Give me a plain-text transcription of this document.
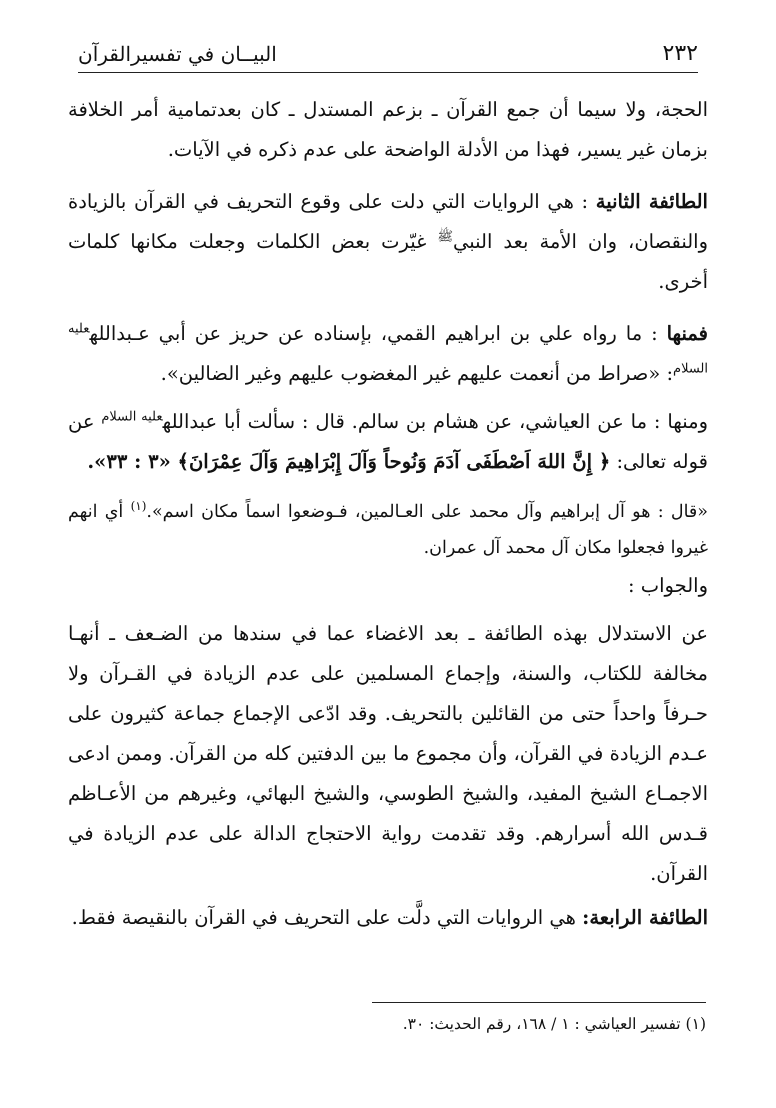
٢٣٢
البيــان في تفسيرالقرآن

الحجة، ولا سيما أن جمع القرآن ـ بزعم المستدل ـ كان بعدتمامية أمر الخلافة بزمان غير يسير، فهذا من الأدلة الواضحة على عدم ذكره في الآيات.

الطائفة الثانية : هي الروايات التي دلت على وقوع التحريف في القرآن بالزيادة والنقصان، وان الأمة بعد النبي$^ﷺ$ غيّرت بعض الكلمات وجعلت مكانها كلمات أخرى.

فمنها : ما رواه علي بن ابراهيم القمي، بإسناده عن حريز عن أبي عـبدالله$^{عليه السلام}$: «صراط من أنعمت عليهم غير المغضوب عليهم وغير الضالين».

ومنها : ما عن العياشي، عن هشام بن سالم. قال : سألت أبا عبدالله$^{عليه السلام}$ عن قوله تعالى: ﴿ إِنَّ اللهَ اَصْطَفَى آدَمَ وَنُوحاً وَآلَ إِبْرَاهِيمَ وَآلَ عِمْرَانَ﴾ «٣ : ٣٣».

«قال : هو آل إبراهيم وآل محمد على العـالمين، فـوضعوا اسماً مكان اسم».$^{(١)}$ أي انهم غيروا فجعلوا مكان آل محمد آل عمران.

والجواب :

عن الاستدلال بهذه الطائفة ـ بعد الاغضاء عما في سندها من الضـعف ـ أنهـا مخالفة للكتاب، والسنة، وإجماع المسلمين على عدم الزيادة في القـرآن ولا حـرفاً واحداً حتى من القائلين بالتحريف. وقد ادّعى الإجماع جماعة كثيرون على عـدم الزيادة في القرآن، وأن مجموع ما بين الدفتين كله من القرآن. وممن ادعى الاجمـاع الشيخ المفيد، والشيخ الطوسي، والشيخ البهائي، وغيرهم من الأعـاظم قـدس الله أسرارهم. وقد تقدمت رواية الاحتجاج الدالة على عدم الزيادة في القرآن.

الطائفة الرابعة: هي الروايات التي دلَّت على التحريف في القرآن بالنقيصة فقط.

(١) تفسير العياشي : ١ / ١٦٨، رقم الحديث: ٣٠.
